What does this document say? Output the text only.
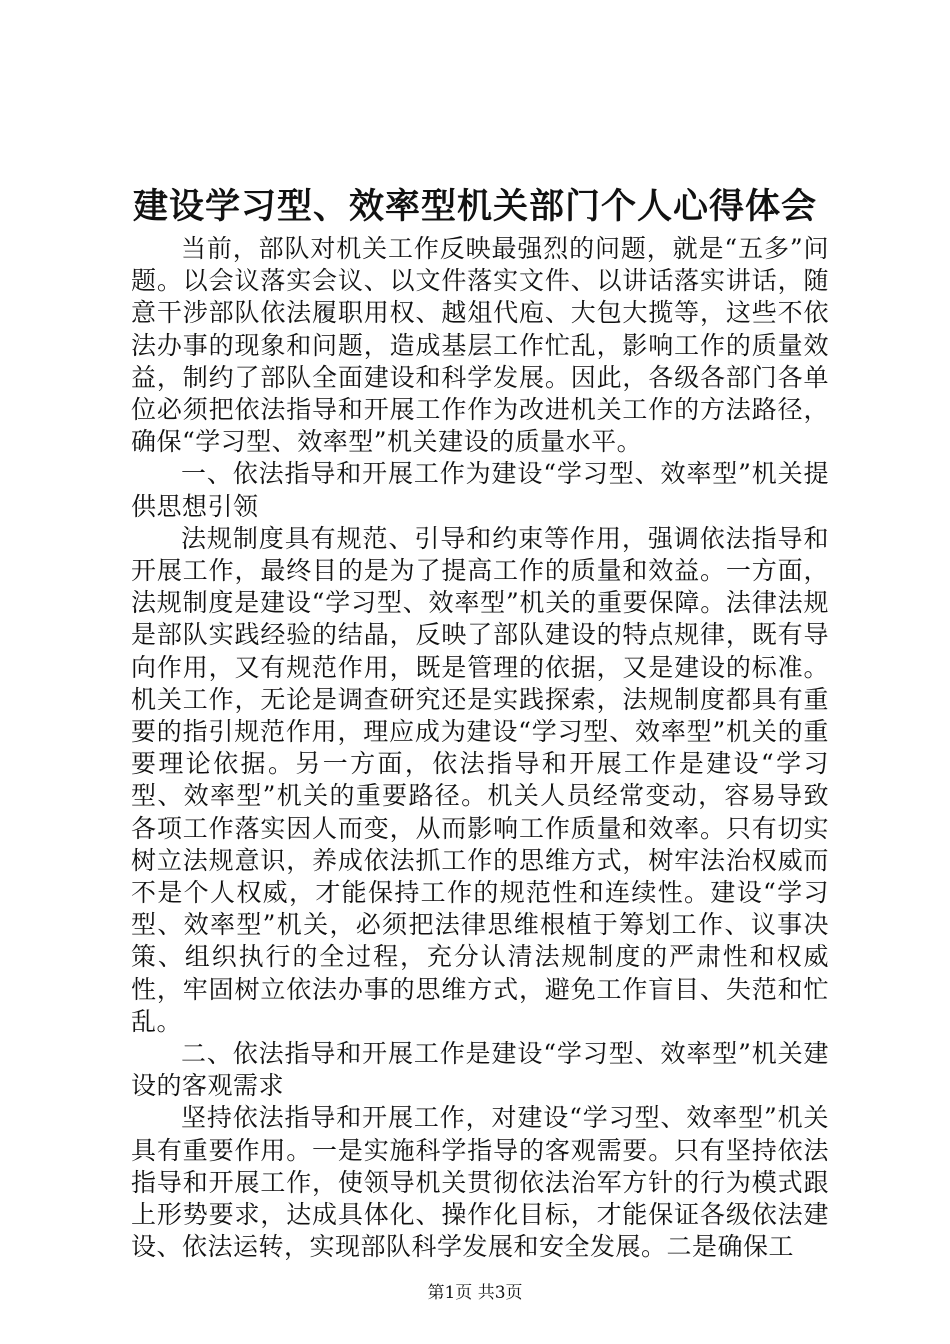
建设学习型、效率型机关部门个人心得体会

当前，部队对机关工作反映最强烈的问题，就是“五多”问题。以会议落实会议、以文件落实文件、以讲话落实讲话，随意干涉部队依法履职用权、越俎代庖、大包大揽等，这些不依法办事的现象和问题，造成基层工作忙乱，影响工作的质量效益，制约了部队全面建设和科学发展。因此，各级各部门各单位必须把依法指导和开展工作作为改进机关工作的方法路径，确保“学习型、效率型”机关建设的质量水平。

一、依法指导和开展工作为建设“学习型、效率型”机关提供思想引领

法规制度具有规范、引导和约束等作用，强调依法指导和开展工作，最终目的是为了提高工作的质量和效益。一方面，法规制度是建设“学习型、效率型”机关的重要保障。法律法规是部队实践经验的结晶，反映了部队建设的特点规律，既有导向作用，又有规范作用，既是管理的依据，又是建设的标准。机关工作，无论是调查研究还是实践探索，法规制度都具有重要的指引规范作用，理应成为建设“学习型、效率型”机关的重要理论依据。另一方面，依法指导和开展工作是建设“学习型、效率型”机关的重要路径。机关人员经常变动，容易导致各项工作落实因人而变，从而影响工作质量和效率。只有切实树立法规意识，养成依法抓工作的思维方式，树牢法治权威而不是个人权威，才能保持工作的规范性和连续性。建设“学习型、效率型”机关，必须把法律思维根植于筹划工作、议事决策、组织执行的全过程，充分认清法规制度的严肃性和权威性，牢固树立依法办事的思维方式，避免工作盲目、失范和忙乱。

二、依法指导和开展工作是建设“学习型、效率型”机关建设的客观需求

坚持依法指导和开展工作，对建设“学习型、效率型”机关具有重要作用。一是实施科学指导的客观需要。只有坚持依法指导和开展工作，使领导机关贯彻依法治军方针的行为模式跟上形势要求，达成具体化、操作化目标，才能保证各级依法建设、依法运转，实现部队科学发展和安全发展。二是确保工

第1页 共3页
